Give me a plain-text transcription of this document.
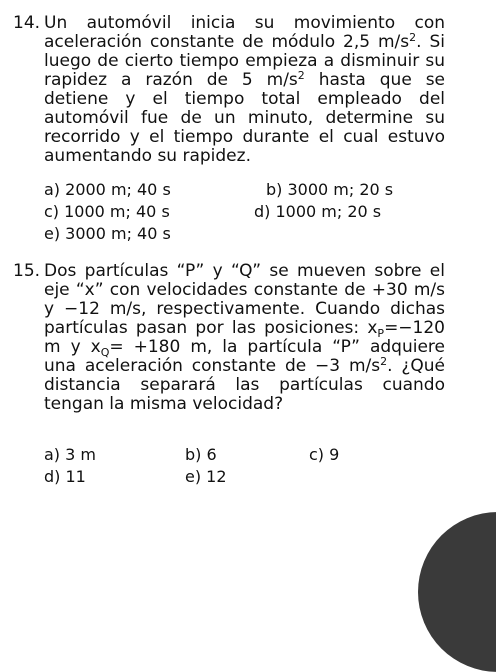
14. Un automóvil inicia su movimiento con aceleración constante de módulo 2,5 $m/s^2$. Si luego de cierto tiempo empieza a disminuir su rapidez a razón de 5 $m/s^2$ hasta que se detiene y el tiempo total empleado del automóvil fue de un minuto, determine su recorrido y el tiempo durante el cual estuvo aumentando su rapidez.
a) 2000 m; 40 s	b) 3000 m; 20 s
c) 1000 m; 40 s	d) 1000 m; 20 s
e) 3000 m; 40 s
15. Dos partículas “P” y “Q” se mueven sobre el eje “x” con velocidades constante de +30 m/s y −12 m/s, respectivamente. Cuando dichas partículas pasan por las posiciones: $x_P=-120$ m y $x_Q= +180$ m, la partícula “P” adquiere una aceleración constante de −3 $m/s^2$. ¿Qué distancia separará las partículas cuando tengan la misma velocidad?
a) 3 m	b) 6	c) 9
d) 11	e) 12
